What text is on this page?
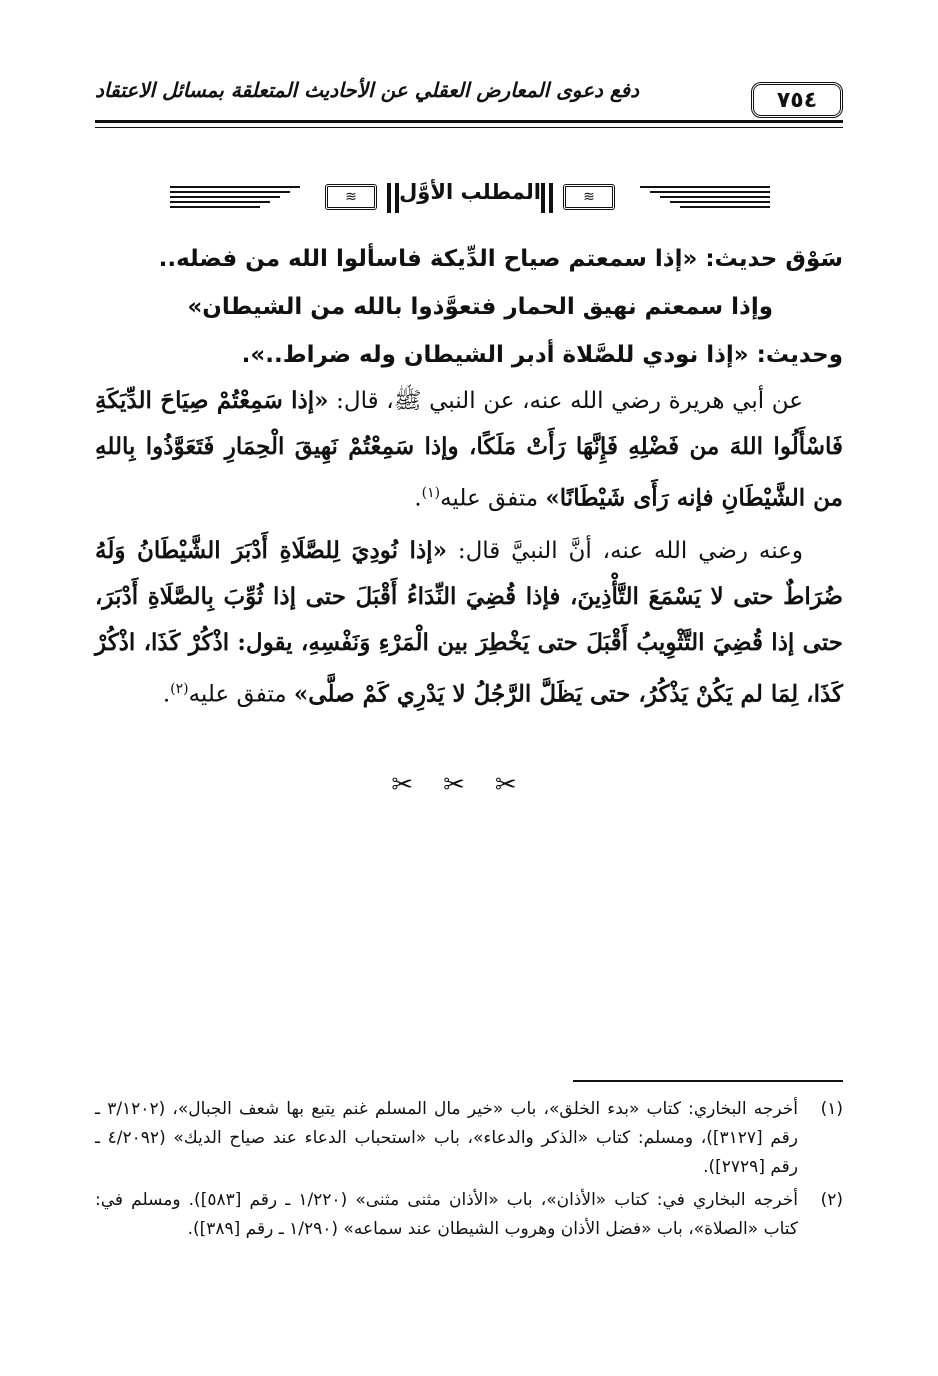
٧٥٤
دفع دعوى المعارض العقلي عن الأحاديث المتعلقة بمسائل الاعتقاد
≋
المطلب الأوَّل
≋
سَوْق حديث: «إذا سمعتم صياح الدِّيكة فاسألوا الله من فضله..
وإذا سمعتم نهيق الحمار فتعوَّذوا بالله من الشيطان»
وحديث: «إذا نودي للصَّلاة أدبر الشيطان وله ضراط..».

عن أبي هريرة رضي الله عنه، عن النبي ﷺ، قال: «إذا سَمِعْتُمْ صِيَاحَ الدِّيَكَةِ فَاسْأَلُوا اللهَ من فَضْلِهِ فَإِنَّهَا رَأَتْ مَلَكًا، وإذا سَمِعْتُمْ نَهِيقَ الْحِمَارِ فَتَعَوَّذُوا بِاللهِ من الشَّيْطَانِ فإنه رَأَى شَيْطَانًا» متفق عليه$^{(١)}$.

وعنه رضي الله عنه، أنَّ النبيَّ قال: «إذا نُودِيَ لِلصَّلَاةِ أَدْبَرَ الشَّيْطَانُ وَلَهُ ضُرَاطٌ حتى لا يَسْمَعَ التَّأْذِينَ، فإذا قُضِيَ النِّدَاءُ أَقْبَلَ حتى إذا ثُوِّبَ بِالصَّلَاةِ أَدْبَرَ، حتى إذا قُضِيَ التَّثْوِيبُ أَقْبَلَ حتى يَخْطِرَ بين الْمَرْءِ وَنَفْسِهِ، يقول: اذْكُرْ كَذَا، اذْكُرْ كَذَا، لِمَا لم يَكُنْ يَذْكُرُ، حتى يَظَلَّ الرَّجُلُ لا يَدْرِي كَمْ صلَّى» متفق عليه$^{(٢)}$.

✂✂✂
(١)
أخرجه البخاري: كتاب «بدء الخلق»، باب «خير مال المسلم غنم يتبع بها شعف الجبال»، (٣/١٢٠٢ ـ رقم [٣١٢٧])، ومسلم: كتاب «الذكر والدعاء»، باب «استحباب الدعاء عند صياح الديك» (٤/٢٠٩٢ ـ رقم [٢٧٢٩]).
(٢)
أخرجه البخاري في: كتاب «الأذان»، باب «الأذان مثنى مثنى» (١/٢٢٠ ـ رقم [٥٨٣]). ومسلم في: كتاب «الصلاة»، باب «فضل الأذان وهروب الشيطان عند سماعه» (١/٢٩٠ ـ رقم [٣٨٩]).
